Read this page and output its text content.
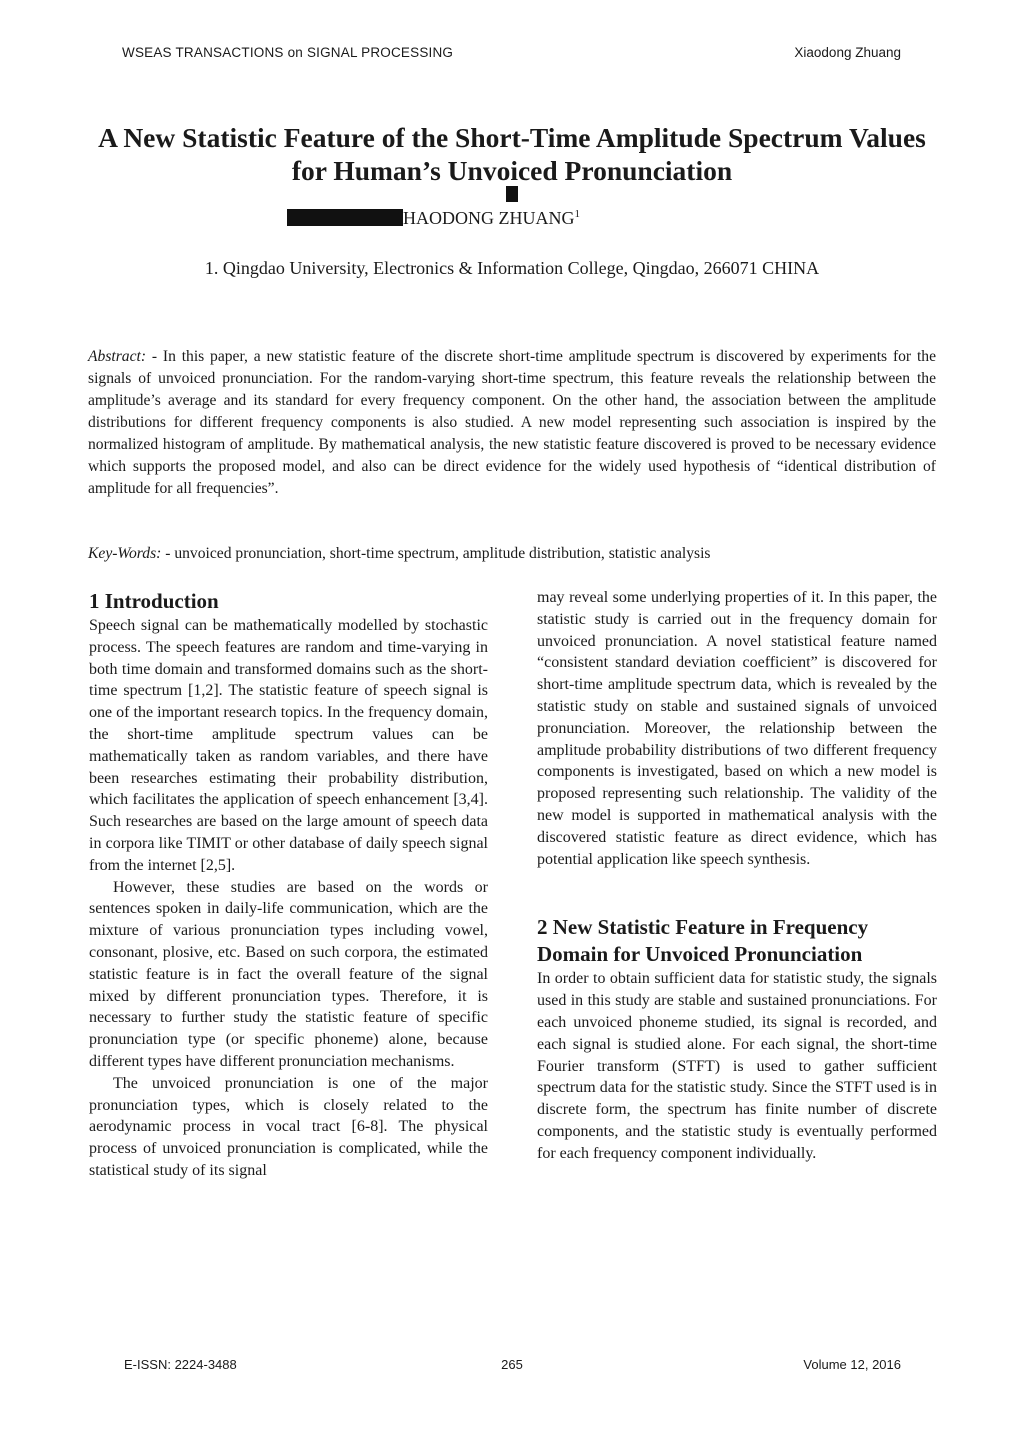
WSEAS TRANSACTIONS on SIGNAL PROCESSING	Xiaodong Zhuang
A New Statistic Feature of the Short-Time Amplitude Spectrum Values
for Human’s Unvoiced Pronunciation
HAODONG ZHUANG$^1$
1. Qingdao University, Electronics & Information College, Qingdao, 266071 CHINA
Abstract: - In this paper, a new statistic feature of the discrete short-time amplitude spectrum is discovered by experiments for the signals of unvoiced pronunciation. For the random-varying short-time spectrum, this feature reveals the relationship between the amplitude’s average and its standard for every frequency component. On the other hand, the association between the amplitude distributions for different frequency components is also studied. A new model representing such association is inspired by the normalized histogram of amplitude. By mathematical analysis, the new statistic feature discovered is proved to be necessary evidence which supports the proposed model, and also can be direct evidence for the widely used hypothesis of “identical distribution of amplitude for all frequencies”.
Key-Words: - unvoiced pronunciation, short-time spectrum, amplitude distribution, statistic analysis
1 Introduction

Speech signal can be mathematically modelled by stochastic process. The speech features are random and time-varying in both time domain and transformed domains such as the short-time spectrum [1,2]. The statistic feature of speech signal is one of the important research topics. In the frequency domain, the short-time amplitude spectrum values can be mathematically taken as random variables, and there have been researches estimating their probability distribution, which facilitates the application of speech enhancement [3,4]. Such researches are based on the large amount of speech data in corpora like TIMIT or other database of daily speech signal from the internet [2,5].

However, these studies are based on the words or sentences spoken in daily-life communication, which are the mixture of various pronunciation types including vowel, consonant, plosive, etc. Based on such corpora, the estimated statistic feature is in fact the overall feature of the signal mixed by different pronunciation types. Therefore, it is necessary to further study the statistic feature of specific pronunciation type (or specific phoneme) alone, because different types have different pronunciation mechanisms.

The unvoiced pronunciation is one of the major pronunciation types, which is closely related to the aerodynamic process in vocal tract [6-8]. The physical process of unvoiced pronunciation is complicated, while the statistical study of its signal

may reveal some underlying properties of it. In this paper, the statistic study is carried out in the frequency domain for unvoiced pronunciation. A novel statistical feature named “consistent standard deviation coefficient” is discovered for short-time amplitude spectrum data, which is revealed by the statistic study on stable and sustained signals of unvoiced pronunciation. Moreover, the relationship between the amplitude probability distributions of two different frequency components is investigated, based on which a new model is proposed representing such relationship. The validity of the new model is supported in mathematical analysis with the discovered statistic feature as direct evidence, which has potential application like speech synthesis.

2 New Statistic Feature in Frequency Domain for Unvoiced Pronunciation

In order to obtain sufficient data for statistic study, the signals used in this study are stable and sustained pronunciations. For each unvoiced phoneme studied, its signal is recorded, and each signal is studied alone. For each signal, the short-time Fourier transform (STFT) is used to gather sufficient spectrum data for the statistic study. Since the STFT used is in discrete form, the spectrum has finite number of discrete components, and the statistic study is eventually performed for each frequency component individually.

E-ISSN: 2224-3488	265	Volume 12, 2016
